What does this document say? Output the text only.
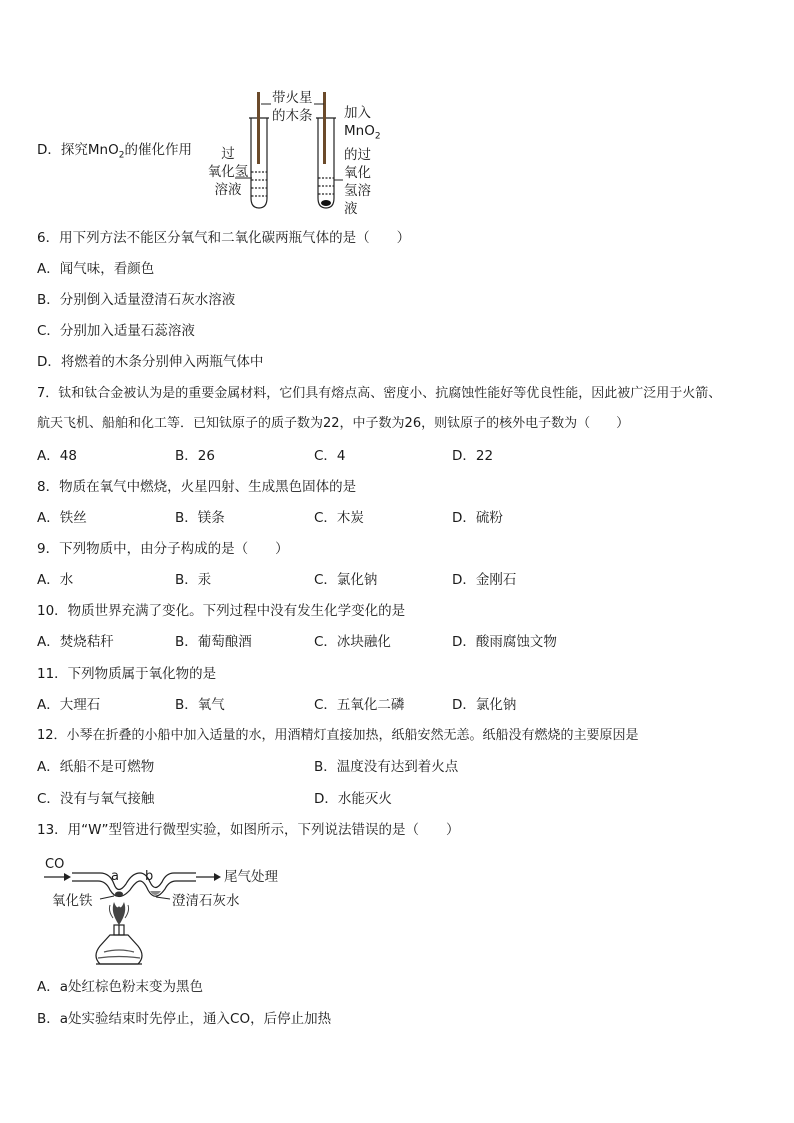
D．探究MnO$_2$的催化作用
带火星
的木条
过
氧化氢
溶液
加入
MnO$_2$
的过
氧化
氢溶
液
6．用下列方法不能区分氧气和二氧化碳两瓶气体的是（　　）
A．闻气味，看颜色
B．分别倒入适量澄清石灰水溶液
C．分别加入适量石蕊溶液
D．将燃着的木条分别伸入两瓶气体中
7．钛和钛合金被认为是的重要金属材料，它们具有熔点高、密度小、抗腐蚀性能好等优良性能，因此被广泛用于火箭、
航天飞机、船舶和化工等．已知钛原子的质子数为22，中子数为26，则钛原子的核外电子数为（　　）
A．48	B．26	C．4	D．22
8．物质在氧气中燃烧，火星四射、生成黑色固体的是
A．铁丝	B．镁条	C．木炭	D．硫粉
9．下列物质中，由分子构成的是（　　）
A．水	B．汞	C．氯化钠	D．金刚石
10．物质世界充满了变化。下列过程中没有发生化学变化的是
A．焚烧秸秆	B．葡萄酿酒	C．冰块融化	D．酸雨腐蚀文物
11．下列物质属于氧化物的是
A．大理石	B．氧气	C．五氧化二磷	D．氯化钠
12．小琴在折叠的小船中加入适量的水，用酒精灯直接加热，纸船安然无恙。纸船没有燃烧的主要原因是
A．纸船不是可燃物	B．温度没有达到着火点
C．没有与氧气接触	D．水能灭火
13．用“W”型管进行微型实验，如图所示，下列说法错误的是（　　）
CO
a b	尾气处理
氧化铁	澄清石灰水
A．a处红棕色粉末变为黑色
B．a处实验结束时先停止，通入CO，后停止加热
